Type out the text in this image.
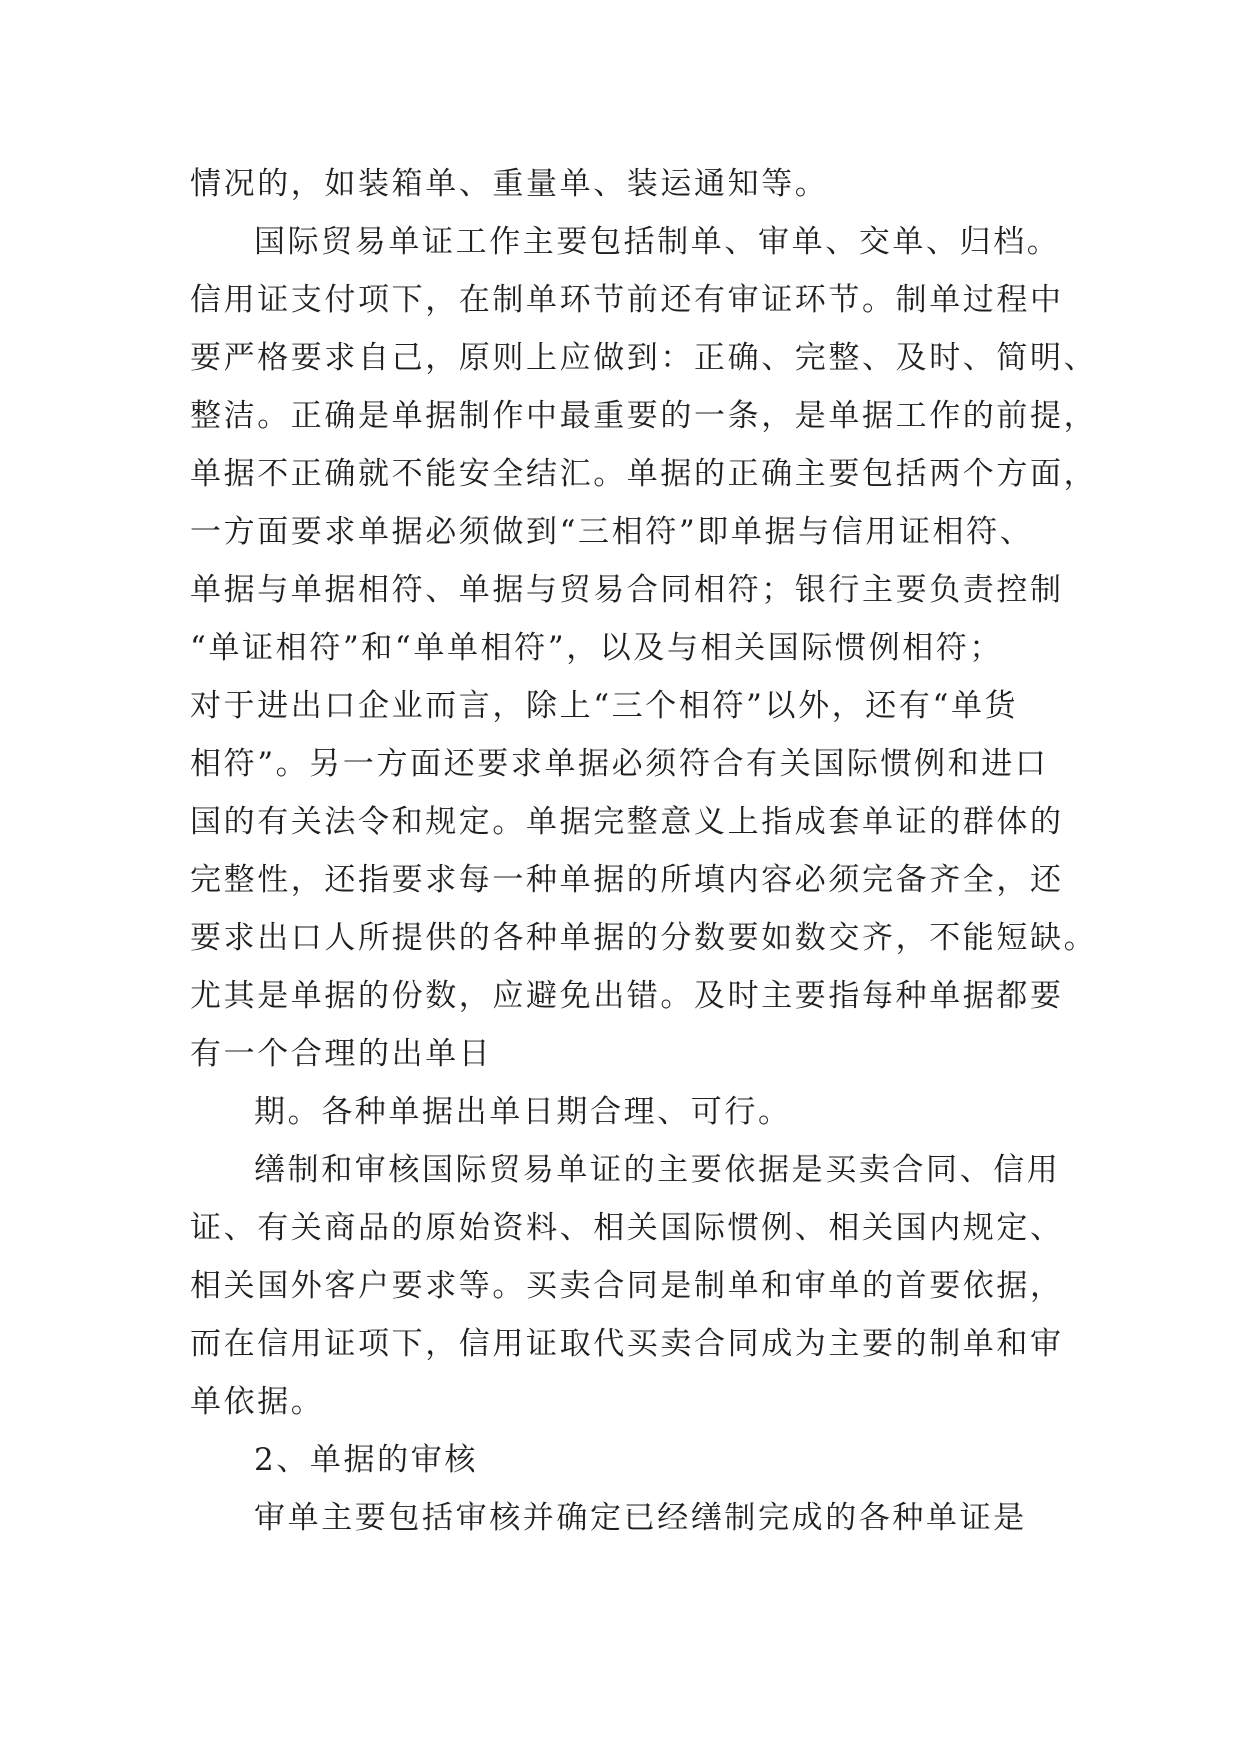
情况的，如装箱单、重量单、装运通知等。
国际贸易单证工作主要包括制单、审单、交单、归档。
信用证支付项下，在制单环节前还有审证环节。制单过程中
要严格要求自己，原则上应做到：正确、完整、及时、简明、
整洁。正确是单据制作中最重要的一条，是单据工作的前提，
单据不正确就不能安全结汇。单据的正确主要包括两个方面，
一方面要求单据必须做到“三相符”即单据与信用证相符、
单据与单据相符、单据与贸易合同相符；银行主要负责控制
“单证相符”和“单单相符”，以及与相关国际惯例相符；
对于进出口企业而言，除上“三个相符”以外，还有“单货
相符”。另一方面还要求单据必须符合有关国际惯例和进口
国的有关法令和规定。单据完整意义上指成套单证的群体的
完整性，还指要求每一种单据的所填内容必须完备齐全，还
要求出口人所提供的各种单据的分数要如数交齐，不能短缺。
尤其是单据的份数，应避免出错。及时主要指每种单据都要
有一个合理的出单日
期。各种单据出单日期合理、可行。
缮制和审核国际贸易单证的主要依据是买卖合同、信用
证、有关商品的原始资料、相关国际惯例、相关国内规定、
相关国外客户要求等。买卖合同是制单和审单的首要依据，
而在信用证项下，信用证取代买卖合同成为主要的制单和审
单依据。
2、单据的审核
审单主要包括审核并确定已经缮制完成的各种单证是
